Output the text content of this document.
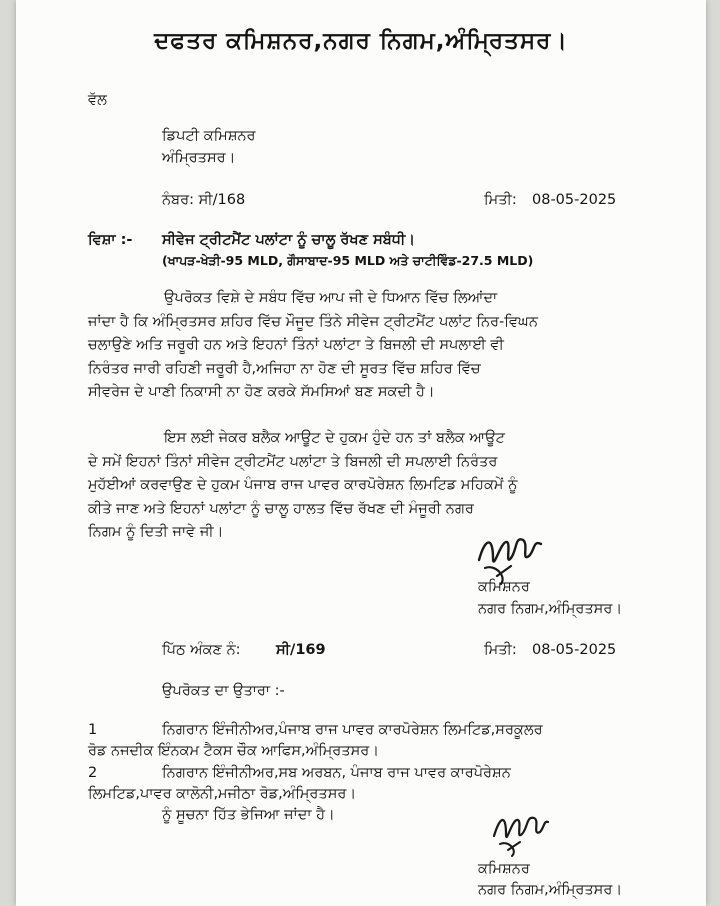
ਦਫਤਰ ਕਮਿਸ਼ਨਰ,ਨਗਰ ਨਿਗਮ,ਅੰਮ੍ਰਿਤਸਰ।
ਵੱਲ
ਡਿਪਟੀ ਕਮਿਸ਼ਨਰ
ਅੰਮ੍ਰਿਤਸਰ।
ਨੰਬਰ: ਸੀ/168	ਮਿਤੀ: 08-05-2025
ਵਿਸ਼ਾ :- ਸੀਵੇਜ ਟ੍ਰੀਟਮੈਂਟ ਪਲਾਂਟਾ ਨੂੰ ਚਾਲੂ ਰੱਖਣ ਸਬੰਧੀ।
(ਖਾਪੜ-ਖੇੜੀ-95 MLD, ਗੌਸਾਬਾਦ-95 MLD ਅਤੇ ਚਾਟੀਵਿੰਡ-27.5 MLD)
ਉਪਰੋਕਤ ਵਿਸ਼ੇ ਦੇ ਸਬੰਧ ਵਿੱਚ ਆਪ ਜੀ ਦੇ ਧਿਆਨ ਵਿੱਚ ਲਿਆਂਦਾ
ਜਾਂਦਾ ਹੈ ਕਿ ਅੰਮ੍ਰਿਤਸਰ ਸ਼ਹਿਰ ਵਿੱਚ ਮੌਜੂਦ ਤਿੰਨੇ ਸੀਵੇਜ ਟ੍ਰੀਟਮੈਂਟ ਪਲਾਂਟ ਨਿਰ-ਵਿਘਨ
ਚਲਾਉਣੇ ਅਤਿ ਜਰੂਰੀ ਹਨ ਅਤੇ ਇਹਨਾਂ ਤਿੰਨਾਂ ਪਲਾਂਟਾ ਤੇ ਬਿਜਲੀ ਦੀ ਸਪਲਾਈ ਵੀ
ਨਿਰੰਤਰ ਜਾਰੀ ਰਹਿਣੀ ਜਰੂਰੀ ਹੈ,ਅਜਿਹਾ ਨਾ ਹੋਣ ਦੀ ਸੂਰਤ ਵਿੱਚ ਸ਼ਹਿਰ ਵਿੱਚ
ਸੀਵਰੇਜ ਦੇ ਪਾਣੀ ਨਿਕਾਸੀ ਨਾ ਹੋਣ ਕਰਕੇ ਸੱਮਸਿਆਂ ਬਣ ਸਕਦੀ ਹੈ।
ਇਸ ਲਈ ਜੇਕਰ ਬਲੈਕ ਆਊਟ ਦੇ ਹੁਕਮ ਹੁੰਦੇ ਹਨ ਤਾਂ ਬਲੈਕ ਆਊਟ
ਦੇ ਸਮੇਂ ਇਹਨਾਂ ਤਿੰਨਾਂ ਸੀਵੇਜ ਟ੍ਰੀਟਮੈਂਟ ਪਲਾਂਟਾ ਤੇ ਬਿਜਲੀ ਦੀ ਸਪਲਾਈ ਨਿਰੰਤਰ
ਮੁਹੱਈਆਂ ਕਰਵਾਉਣ ਦੇ ਹੁਕਮ ਪੰਜਾਬ ਰਾਜ ਪਾਵਰ ਕਾਰਪੋਰੇਸ਼ਨ ਲਿਮਟਿਡ ਮਹਿਕਮੇਂ ਨੂੰ
ਕੀਤੇ ਜਾਣ ਅਤੇ ਇਹਨਾਂ ਪਲਾਂਟਾ ਨੂੰ ਚਾਲੂ ਹਾਲਤ ਵਿੱਚ ਰੱਖਣ ਦੀ ਮੰਜੂਰੀ ਨਗਰ
ਨਿਗਮ ਨੂੰ ਦਿਤੀ ਜਾਵੇ ਜੀ।
ਕਮਿਸ਼ਨਰ
ਨਗਰ ਨਿਗਮ,ਅੰਮ੍ਰਿਤਸਰ।
ਪਿੱਠ ਅੰਕਣ ਨੰ: ਸੀ/169	ਮਿਤੀ: 08-05-2025
ਉਪਰੋਕਤ ਦਾ ਉਤਾਰਾ :-
1	ਨਿਗਰਾਨ ਇੰਜੀਨੀਅਰ,ਪੰਜਾਬ ਰਾਜ ਪਾਵਰ ਕਾਰਪੋਰੇਸ਼ਨ ਲਿਮਟਿਡ,ਸਰਕੂਲਰ
ਰੋਡ ਨਜਦੀਕ ਇੰਨਕਮ ਟੈਕਸ ਚੌਕ ਆਫਿਸ,ਅੰਮ੍ਰਿਤਸਰ।
2	ਨਿਗਰਾਨ ਇੰਜੀਨੀਅਰ,ਸਬ ਅਰਬਨ, ਪੰਜਾਬ ਰਾਜ ਪਾਵਰ ਕਾਰਪੋਰੇਸ਼ਨ
ਲਿਮਟਿਡ,ਪਾਵਰ ਕਾਲੋਨੀ,ਮਜੀਠਾ ਰੋਡ,ਅੰਮ੍ਰਿਤਸਰ।
ਨੂੰ ਸੂਚਨਾ ਹਿੱਤ ਭੇਜਿਆ ਜਾਂਦਾ ਹੈ।
ਕਮਿਸ਼ਨਰ
ਨਗਰ ਨਿਗਮ,ਅੰਮ੍ਰਿਤਸਰ।
